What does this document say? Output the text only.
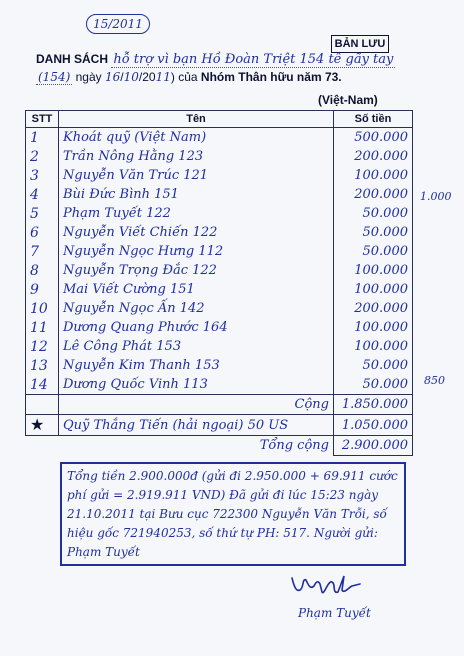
15/2011
BẢN LƯU
DANH SÁCH hỗ trợ vì bạn Hồ Đoàn Triệt 154 tê gãy tay
(154) ngày 16/10/2011) của Nhóm Thân hữu năm 73.
(Việt-Nam)
STT	Tên	Số tiền
1	Khoát quỹ (Việt Nam)	500.000
2	Trần Nông Hằng 123	200.000
3	Nguyễn Văn Trúc 121	100.000
4	Bùi Đức Bình 151	200.000
5	Phạm Tuyết 122	50.000
6	Nguyễn Viết Chiến 122	50.000
7	Nguyễn Ngọc Hưng 112	50.000
8	Nguyễn Trọng Đắc 122	100.000
9	Mai Viết Cường 151	100.000
10	Nguyễn Ngọc Ấn 142	200.000
11	Dương Quang Phước 164	100.000
12	Lê Công Phát 153	100.000
13	Nguyễn Kim Thanh 153	50.000
14	Dương Quốc Vinh 113	50.000
	Cộng	1.850.000
★	Quỹ Thắng Tiến (hải ngoại) 50 US	1.050.000
	Tổng cộng	2.900.000
1.000
850
Tổng tiền 2.900.000đ (gửi đi 2.950.000 + 69.911 cước
phí gửi = 2.919.911 VND) Đã gửi đi lúc 15:23 ngày
21.10.2011 tại Bưu cục 722300 Nguyễn Văn Trỗi, số
hiệu gốc 721940253, số thứ tự PH: 517. Người gửi:
Phạm Tuyết
Phạm Tuyết
